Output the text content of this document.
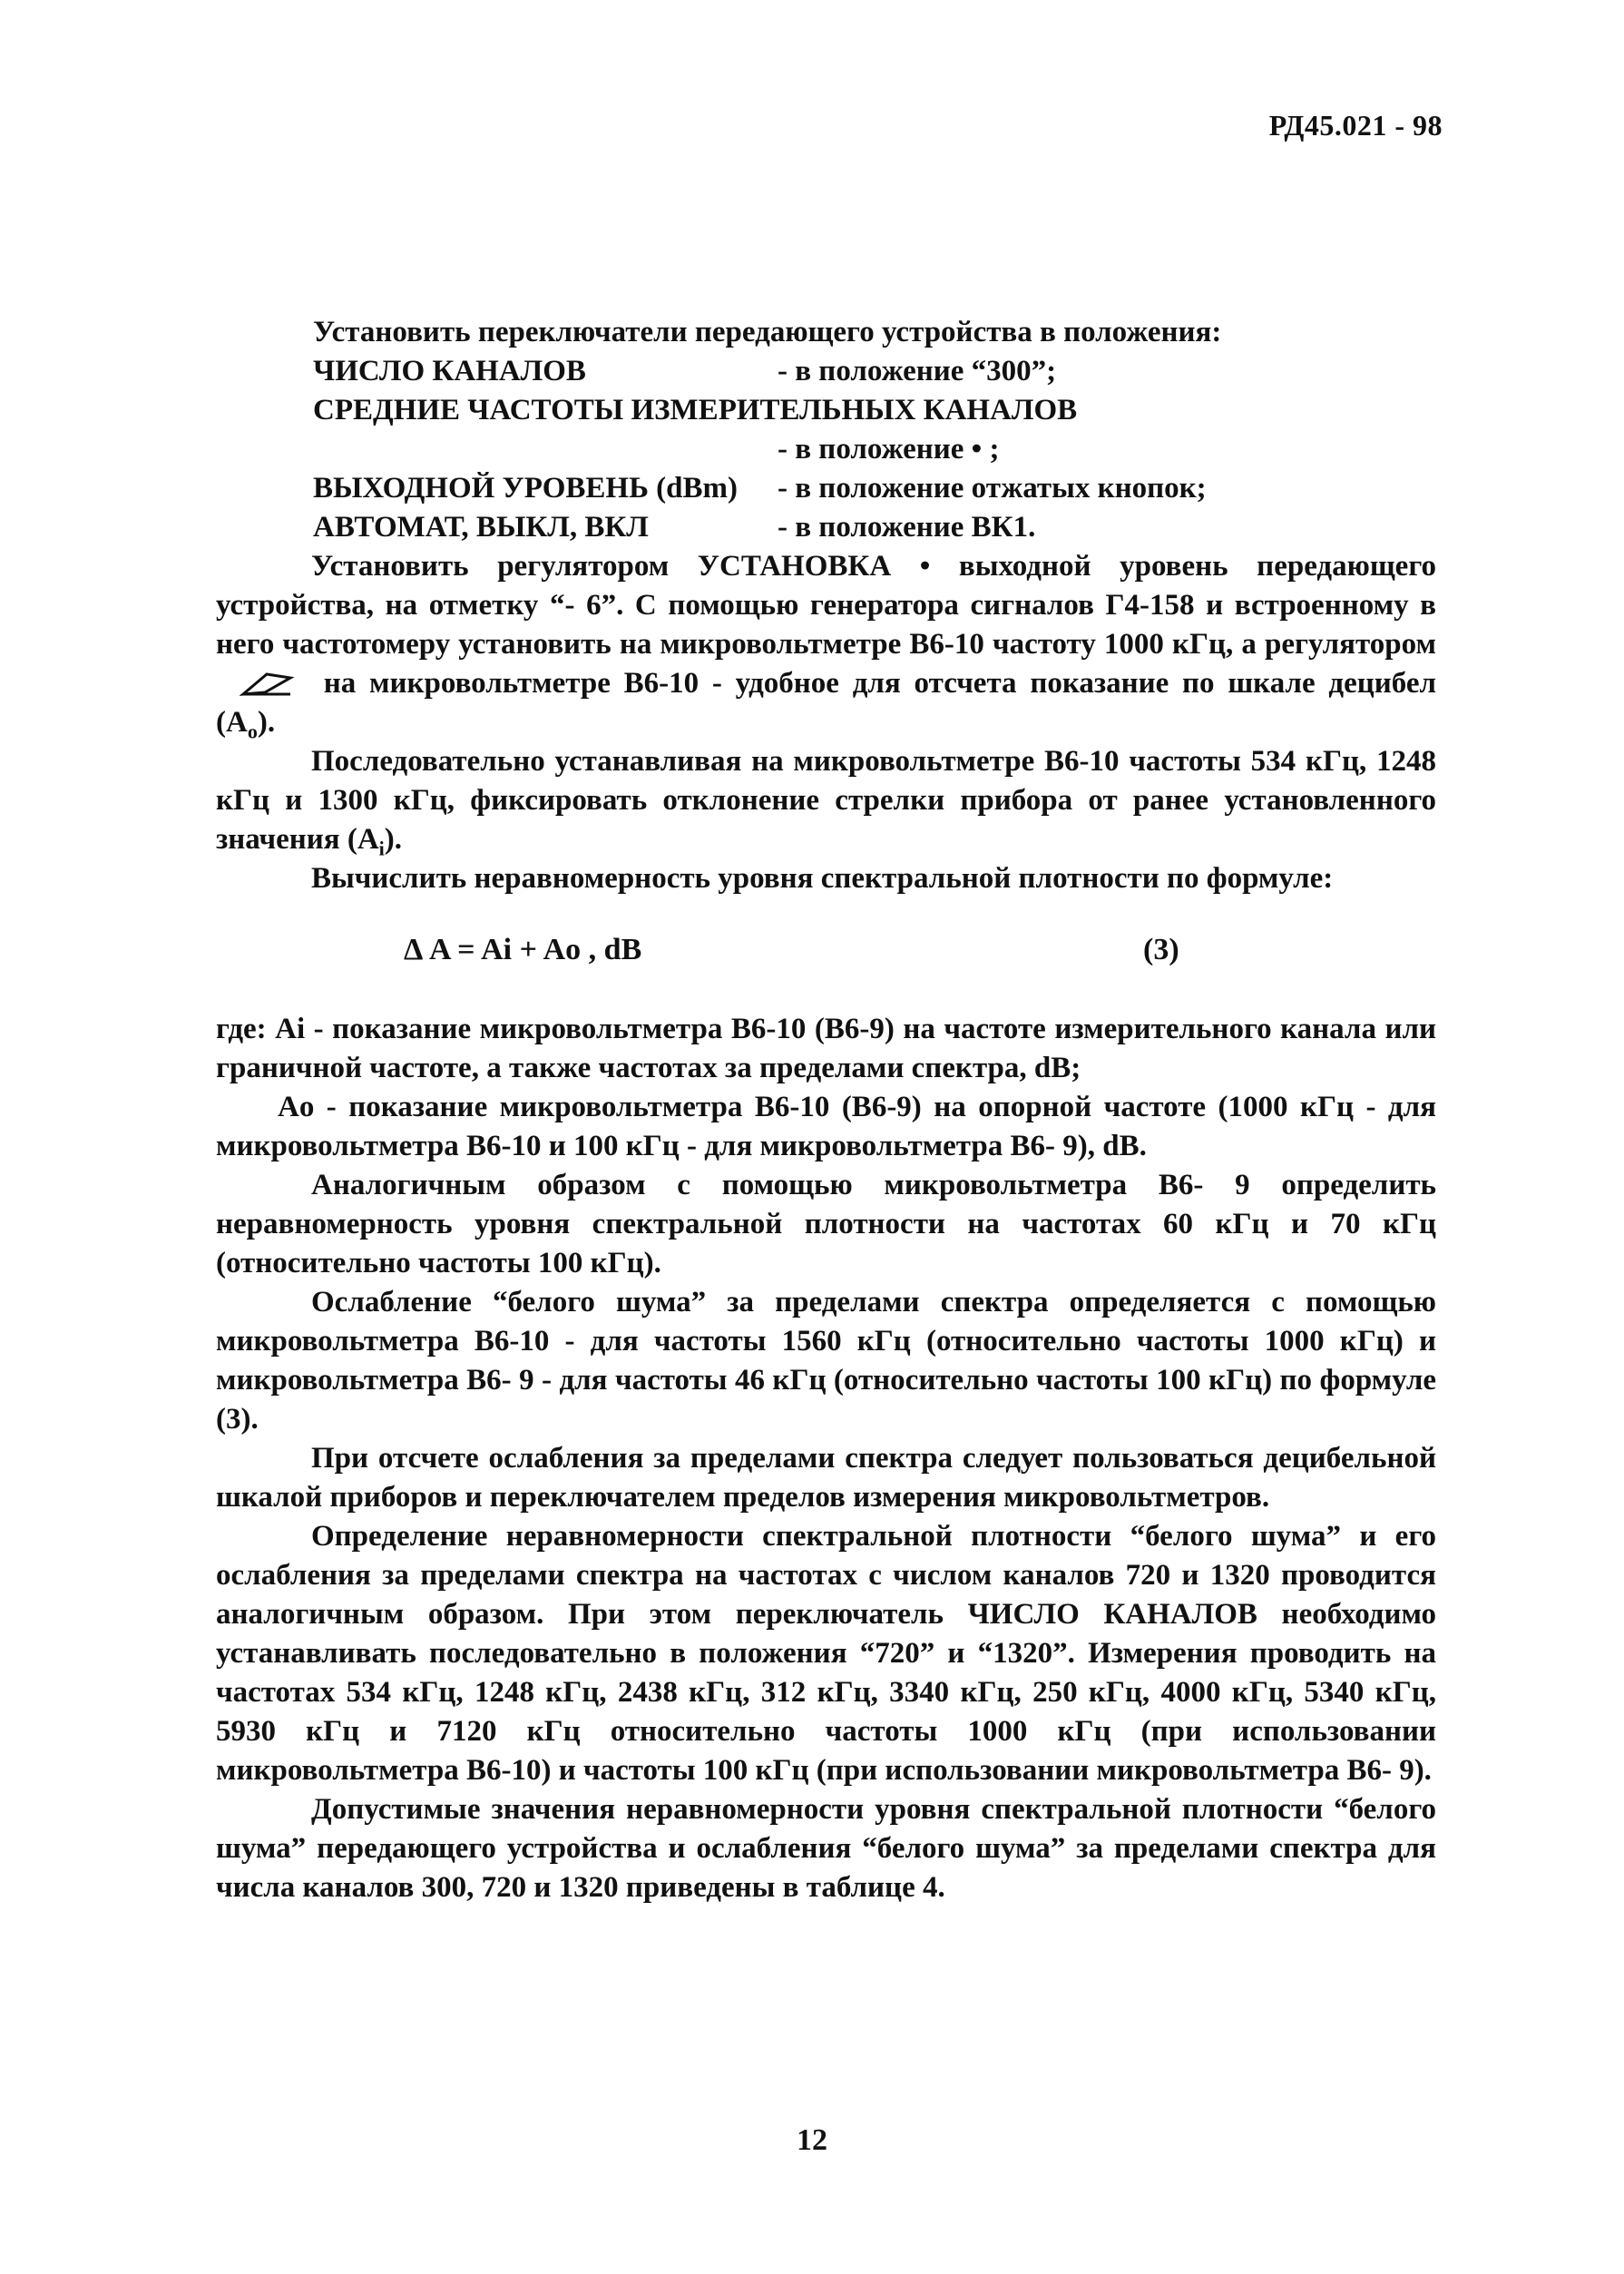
РД45.021 - 98
Установить переключатели передающего устройства в положения:
ЧИСЛО КАНАЛОВ	- в положение “300”;
СРЕДНИЕ ЧАСТОТЫ ИЗМЕРИТЕЛЬНЫХ КАНАЛОВ
- в положение • ;
ВЫХОДНОЙ УРОВЕНЬ (dBm)	- в положение отжатых кнопок;
АВТОМАТ, ВЫКЛ, ВКЛ	- в положение ВК1.

Установить регулятором УСТАНОВКА • выходной уровень передающего устройства, на отметку “- 6”. С помощью генератора сигналов Г4-158 и встроенному в него частотомеру установить на микровольтметре В6-10 частоту 1000 кГц, а регулятором  на микровольтметре В6-10 - удобное для отсчета показание по шкале децибел $(A_o)$.

Последовательно устанавливая на микровольтметре В6-10 частоты 534 кГц, 1248 кГц и 1300 кГц, фиксировать отклонение стрелки прибора от ранее установленного значения $(A_i)$.

Вычислить неравномерность уровня спектральной плотности по формуле:

Δ A = Ai + Ao , dB	(3)

где: Ai - показание микровольтметра В6-10 (В6-9) на частоте измерительного канала или граничной частоте, а также частотах за пределами спектра, dB;

Ao - показание микровольтметра В6-10 (В6-9) на опорной частоте (1000 кГц - для микровольтметра В6-10 и 100 кГц - для микровольтметра В6- 9), dB.

Аналогичным образом с помощью микровольтметра В6- 9 определить неравномерность уровня спектральной плотности на частотах 60 кГц и 70 кГц (относительно частоты 100 кГц).

Ослабление “белого шума” за пределами спектра определяется с помощью микровольтметра В6-10 - для частоты 1560 кГц (относительно частоты 1000 кГц) и микровольтметра В6- 9 - для частоты 46 кГц (относительно частоты 100 кГц) по формуле (3).

При отсчете ослабления за пределами спектра следует пользоваться децибельной шкалой приборов и переключателем пределов измерения микровольтметров.

Определение неравномерности спектральной плотности “белого шума” и его ослабления за пределами спектра на частотах с числом каналов 720 и 1320 проводится аналогичным образом. При этом переключатель ЧИСЛО КАНАЛОВ необходимо устанавливать последовательно в положения “720” и “1320”. Измерения проводить на частотах 534 кГц, 1248 кГц, 2438 кГц, 312 кГц, 3340 кГц, 250 кГц, 4000 кГц, 5340 кГц, 5930 кГц и 7120 кГц относительно частоты 1000 кГц (при использовании микровольтметра В6-10) и частоты 100 кГц (при использовании микровольтметра В6- 9).

Допустимые значения неравномерности уровня спектральной плотности “белого шума” передающего устройства и ослабления “белого шума” за пределами спектра для числа каналов 300, 720 и 1320 приведены в таблице 4.

12
